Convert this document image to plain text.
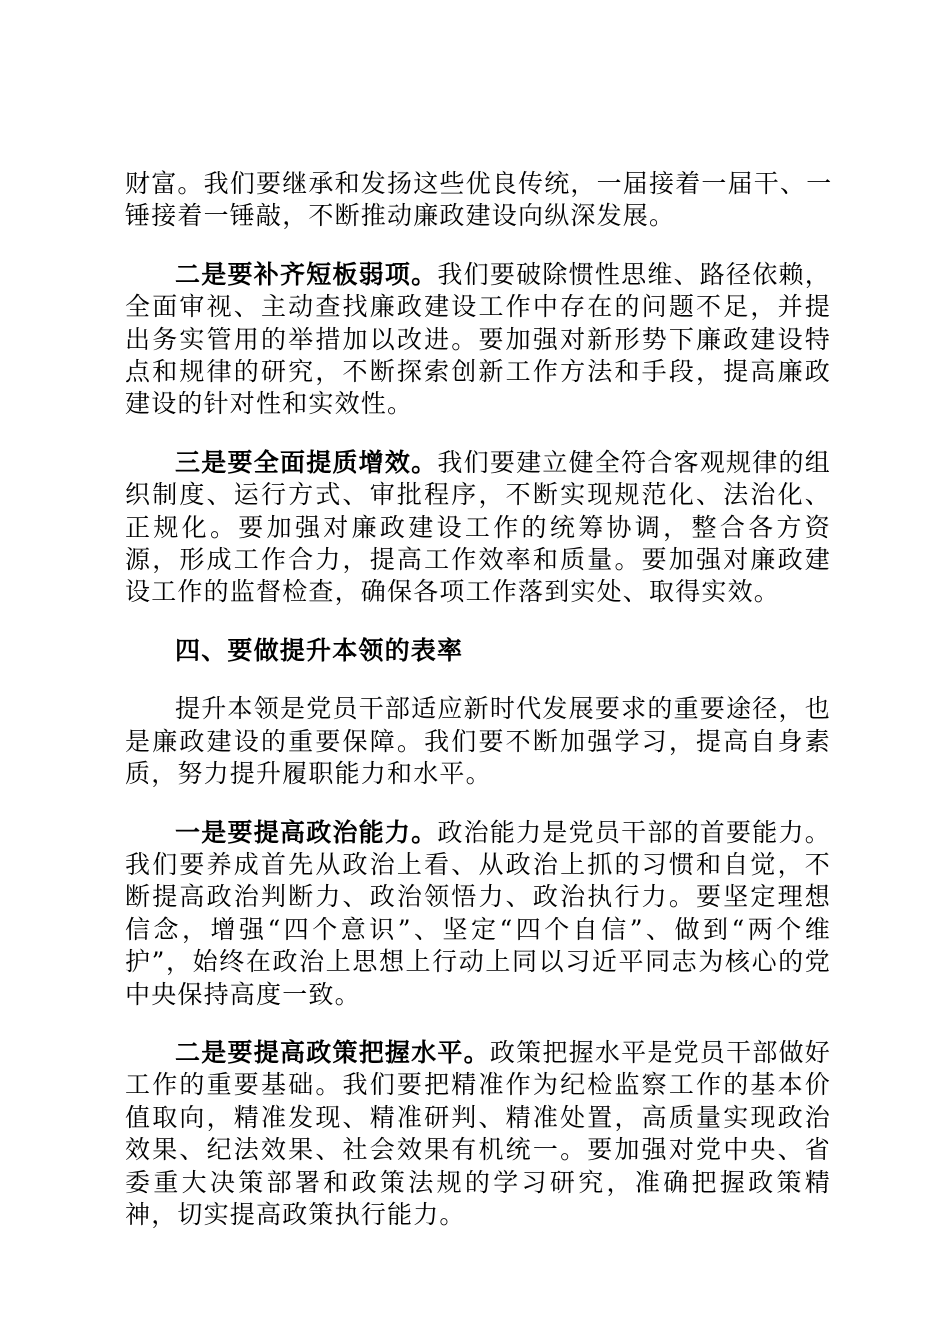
财富。我们要继承和发扬这些优良传统，一届接着一届干、一
锤接着一锤敲，不断推动廉政建设向纵深发展。

二是要补齐短板弱项。我们要破除惯性思维、路径依赖，全面审视、主动查找廉政建设工作中存在的问题不足，并提出务实管用的举措加以改进。要加强对新形势下廉政建设特点和规律的研究，不断探索创新工作方法和手段，提高廉政建设的针对性和实效性。

三是要全面提质增效。我们要建立健全符合客观规律的组织制度、运行方式、审批程序，不断实现规范化、法治化、正规化。要加强对廉政建设工作的统筹协调，整合各方资源，形成工作合力，提高工作效率和质量。要加强对廉政建设工作的监督检查，确保各项工作落到实处、取得实效。

四、要做提升本领的表率

提升本领是党员干部适应新时代发展要求的重要途径，也是廉政建设的重要保障。我们要不断加强学习，提高自身素质，努力提升履职能力和水平。

一是要提高政治能力。政治能力是党员干部的首要能力。我们要养成首先从政治上看、从政治上抓的习惯和自觉，不断提高政治判断力、政治领悟力、政治执行力。要坚定理想信念，增强“四个意识”、坚定“四个自信”、做到“两个维护”，始终在政治上思想上行动上同以习近平同志为核心的党中央保持高度一致。

二是要提高政策把握水平。政策把握水平是党员干部做好工作的重要基础。我们要把精准作为纪检监察工作的基本价值取向，精准发现、精准研判、精准处置，高质量实现政治效果、纪法效果、社会效果有机统一。要加强对党中央、省委重大决策部署和政策法规的学习研究，准确把握政策精神，切实提高政策执行能力。
